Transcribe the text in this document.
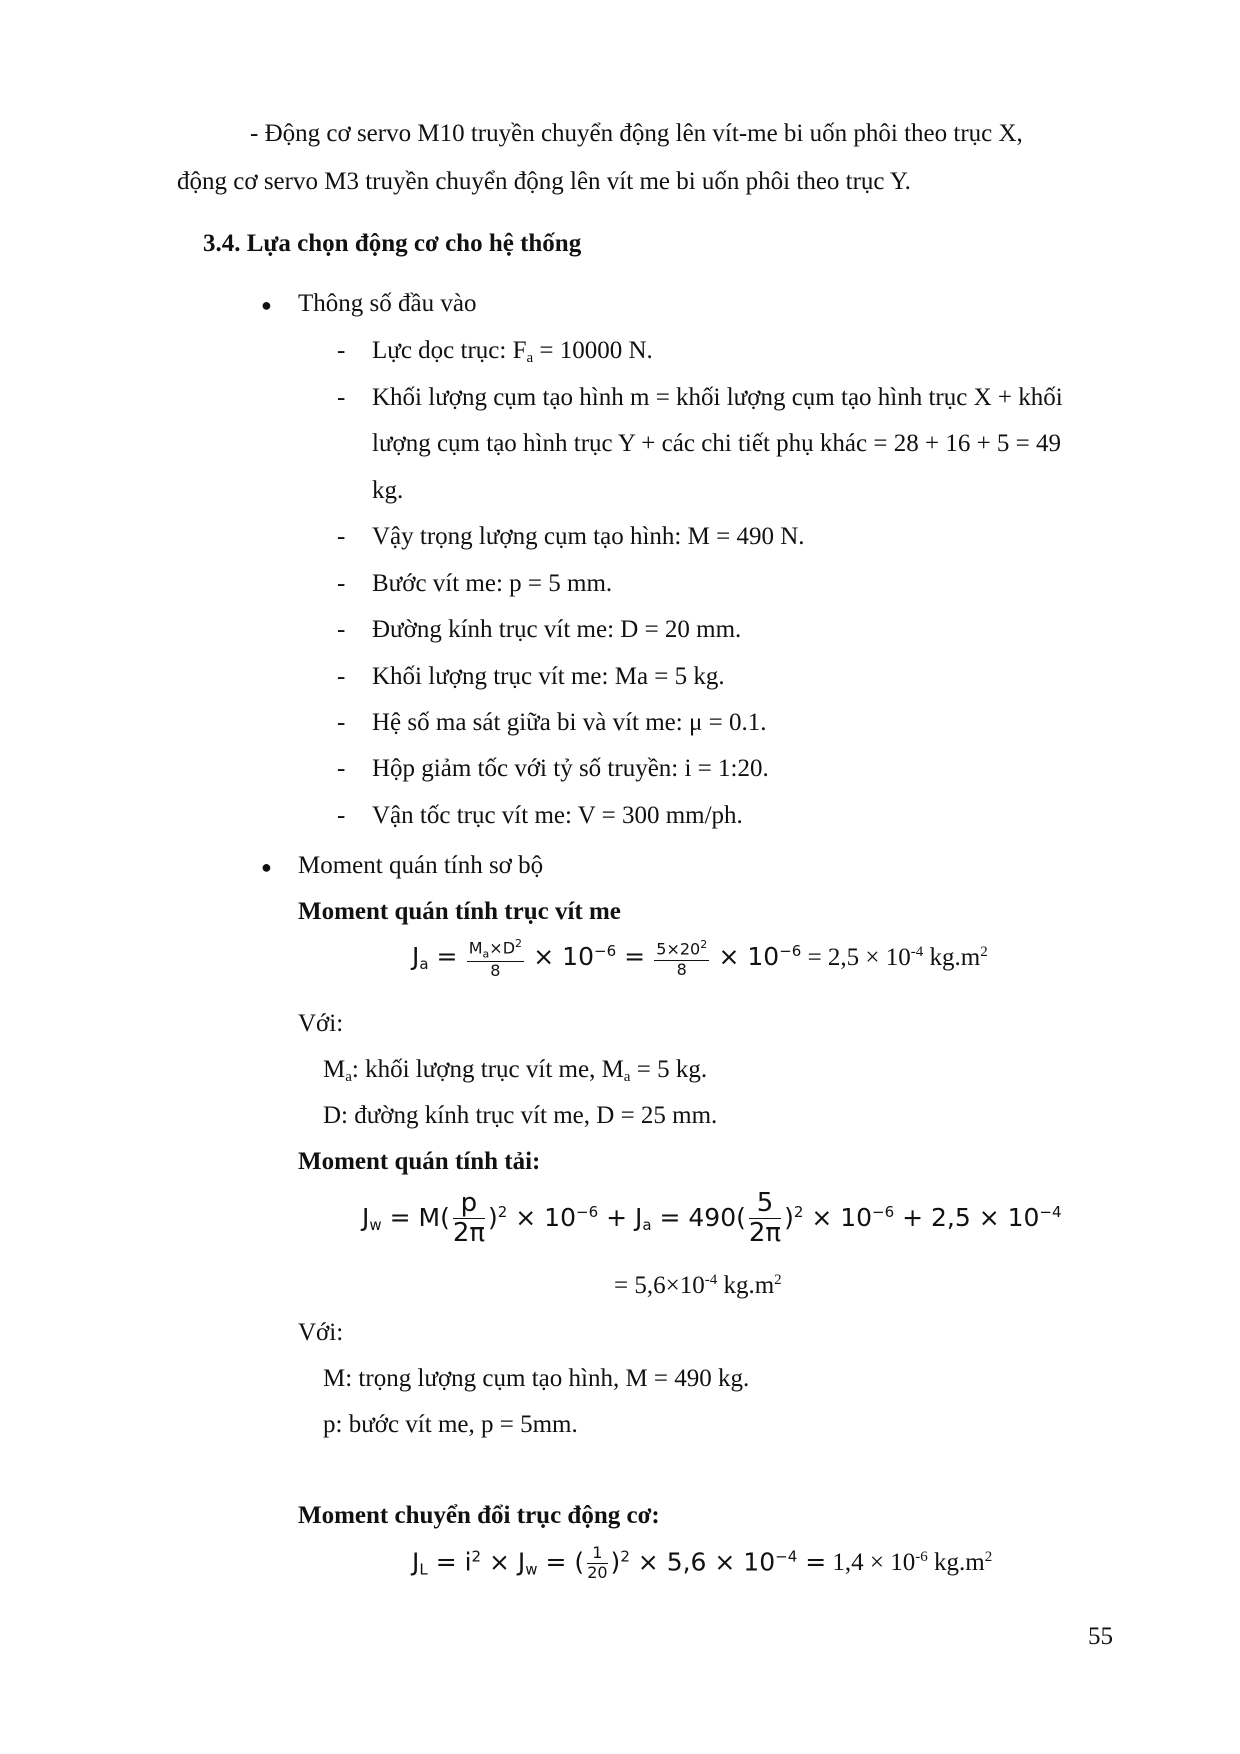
- Động cơ servo M10 truyền chuyển động lên vít-me bi uốn phôi theo trục X,
động cơ servo M3 truyền chuyển động lên vít me bi uốn phôi theo trục Y.
3.4. Lựa chọn động cơ cho hệ thống
● Thông số đầu vào
- Lực dọc trục: $F_a = 10000$ N.
- Khối lượng cụm tạo hình m = khối lượng cụm tạo hình trục X + khối
lượng cụm tạo hình trục Y + các chi tiết phụ khác = 28 + 16 + 5 = 49
kg.
- Vậy trọng lượng cụm tạo hình: M = 490 N.
- Bước vít me: p = 5 mm.
- Đường kính trục vít me: D = 20 mm.
- Khối lượng trục vít me: Ma = 5 kg.
- Hệ số ma sát giữa bi và vít me: μ = 0.1.
- Hộp giảm tốc với tỷ số truyền: i = 1:20.
- Vận tốc trục vít me: V = 300 mm/ph.
● Moment quán tính sơ bộ
Moment quán tính trục vít me
$J_a = \frac{M_a\times D^2}{8} \times 10^{-6} = \frac{5\times 20^2}{8} \times 10^{-6} = 2,5 \times 10^{-4}$ $kg.m^2$
Với:
$M_a$: khối lượng trục vít me, $M_a = 5$ kg.
D: đường kính trục vít me, D = 25 mm.
Moment quán tính tải:
$J_w = M( \frac{p}{2\pi} )^2 \times 10^{-6} + J_a = 490( \frac{5}{2\pi} )^2 \times 10^{-6} + 2,5 \times 10^{-4}$
= $5,6\times 10^{-4}$ $kg.m^2$
Với:
M: trọng lượng cụm tạo hình, M = 490 kg.
p: bước vít me, p = 5mm.
Moment chuyển đổi trục động cơ:
$J_L = i^2 \times J_w$ = ( $\frac{1}{20} )^2 \times 5,6 \times 10^{-4} = 1,4 \times 10^{-6}$ $kg.m^2$
55
